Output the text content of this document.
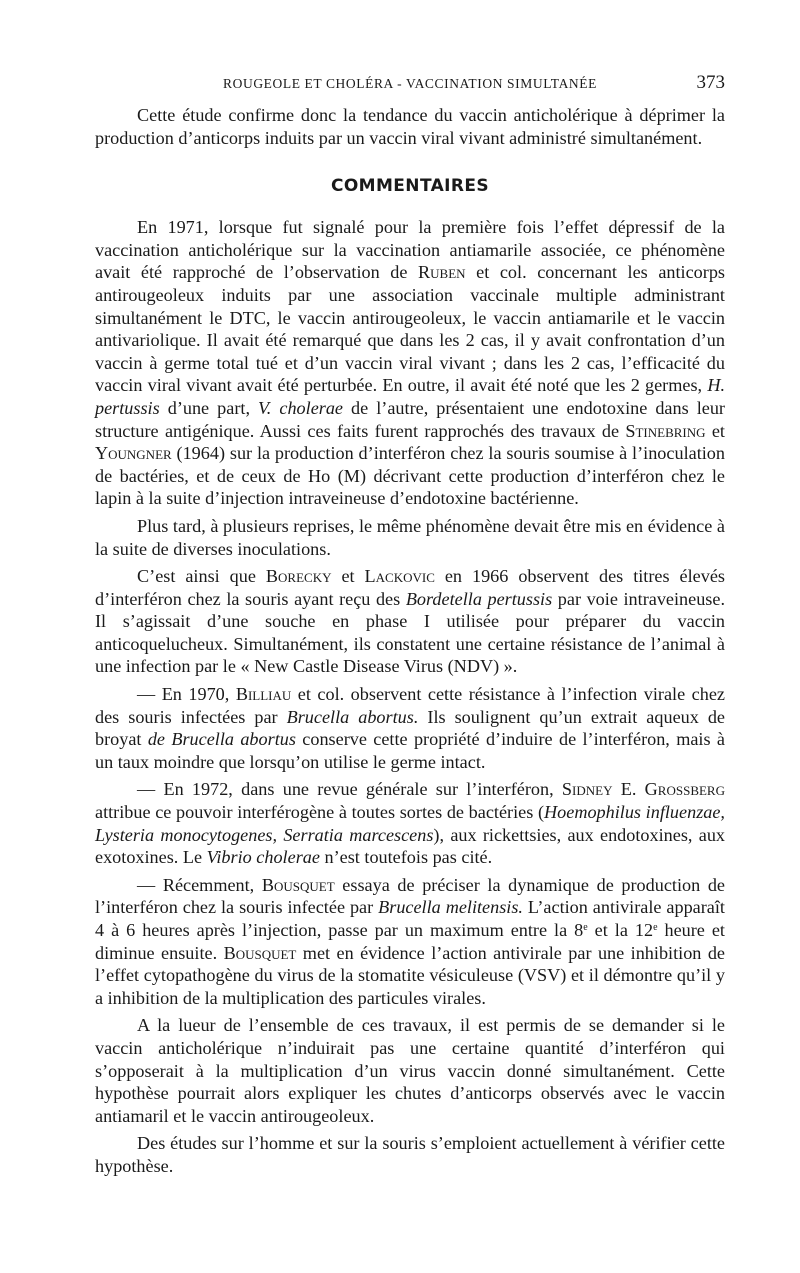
ROUGEOLE ET CHOLÉRA - VACCINATION SIMULTANÉE	373

Cette étude confirme donc la tendance du vaccin anticholérique à déprimer la production d’anticorps induits par un vaccin viral vivant administré simultanément.

COMMENTAIRES

En 1971, lorsque fut signalé pour la première fois l’effet dépressif de la vaccination anticholérique sur la vaccination antiamarile associée, ce phénomène avait été rapproché de l’observation de Ruben et col. concernant les anticorps antirougeoleux induits par une association vaccinale multiple administrant simultanément le DTC, le vaccin antirougeoleux, le vaccin antiamarile et le vaccin antivariolique. Il avait été remarqué que dans les 2 cas, il y avait confrontation d’un vaccin à germe total tué et d’un vaccin viral vivant ; dans les 2 cas, l’efficacité du vaccin viral vivant avait été perturbée. En outre, il avait été noté que les 2 germes, H. pertussis d’une part, V. cholerae de l’autre, présentaient une endotoxine dans leur structure antigénique. Aussi ces faits furent rapprochés des travaux de Stinebring et Youngner (1964) sur la production d’interféron chez la souris soumise à l’inoculation de bactéries, et de ceux de Ho (M) décrivant cette production d’interféron chez le lapin à la suite d’injection intraveineuse d’endotoxine bactérienne.

Plus tard, à plusieurs reprises, le même phénomène devait être mis en évidence à la suite de diverses inoculations.

C’est ainsi que Borecky et Lackovic en 1966 observent des titres élevés d’interféron chez la souris ayant reçu des Bordetella pertussis par voie intraveineuse. Il s’agissait d’une souche en phase I utilisée pour préparer du vaccin anticoquelucheux. Simultanément, ils constatent une certaine résistance de l’animal à une infection par le « New Castle Disease Virus (NDV) ».

— En 1970, Billiau et col. observent cette résistance à l’infection virale chez des souris infectées par Brucella abortus. Ils soulignent qu’un extrait aqueux de broyat de Brucella abortus conserve cette propriété d’induire de l’interféron, mais à un taux moindre que lorsqu’on utilise le germe intact.

— En 1972, dans une revue générale sur l’interféron, Sidney E. Grossberg attribue ce pouvoir interférogène à toutes sortes de bactéries (Hoemophilus influenzae, Lysteria monocytogenes, Serratia marcescens), aux rickettsies, aux endotoxines, aux exotoxines. Le Vibrio cholerae n’est toutefois pas cité.

— Récemment, Bousquet essaya de préciser la dynamique de production de l’interféron chez la souris infectée par Brucella melitensis. L’action antivirale apparaît 4 à 6 heures après l’injection, passe par un maximum entre la 8e et la 12e heure et diminue ensuite. Bousquet met en évidence l’action antivirale par une inhibition de l’effet cytopathogène du virus de la stomatite vésiculeuse (VSV) et il démontre qu’il y a inhibition de la multiplication des particules virales.

A la lueur de l’ensemble de ces travaux, il est permis de se demander si le vaccin anticholérique n’induirait pas une certaine quantité d’interféron qui s’opposerait à la multiplication d’un virus vaccin donné simultanément. Cette hypothèse pourrait alors expliquer les chutes d’anticorps observés avec le vaccin antiamaril et le vaccin antirougeoleux.

Des études sur l’homme et sur la souris s’emploient actuellement à vérifier cette hypothèse.
